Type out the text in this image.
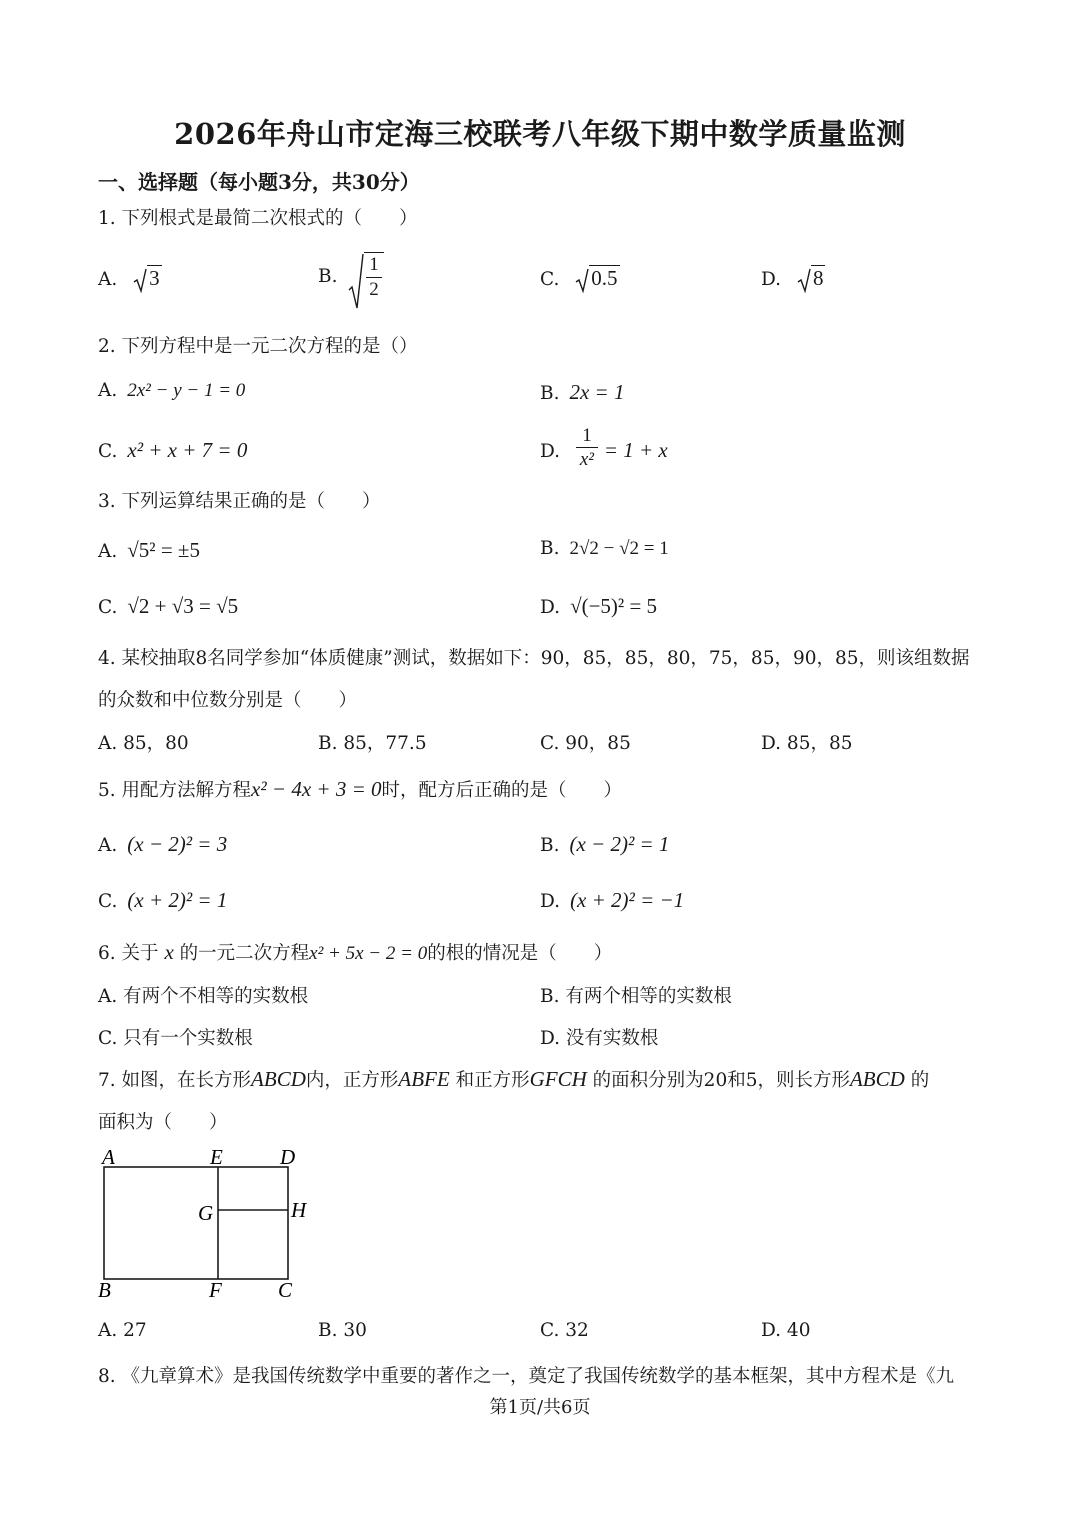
2026年舟山市定海三校联考八年级下期中数学质量监测
一、选择题（每小题3分，共30分）
1. 下列根式是最简二次根式的（　　）
A. 3	B.
1
2	C. 0.5	D. 8
2. 下列方程中是一元二次方程的是（）
A. 2x² − y − 1 = 0	B. 2x = 1
C. x² + x + 7 = 0	D. $\frac{1}{\text{x²}} = 1 + x$
3. 下列运算结果正确的是（　　）
A. √5² = ±5	B. 2√2 − √2 = 1
C. √2 + √3 = √5	D. √(−5)² = 5
4. 某校抽取8名同学参加“体质健康”测试，数据如下：90，85，85，80，75，85，90，85，则该组数据
的众数和中位数分别是（　　）
A. 85，80	B. 85，77.5	C. 90，85	D. 85，85
5. 用配方法解方程x² − 4x + 3 = 0时，配方后正确的是（　　）
A. (x − 2)² = 3	B. (x − 2)² = 1
C. (x + 2)² = 1	D. (x + 2)² = −1
6. 关于 x 的一元二次方程x² + 5x − 2 = 0的根的情况是（　　）
A. 有两个不相等的实数根	B. 有两个相等的实数根
C. 只有一个实数根	D. 没有实数根
7. 如图，在长方形ABCD内，正方形ABFE 和正方形GFCH 的面积分别为20和5，则长方形ABCD 的
面积为（　　）
A	E	D
G	H
B	F	C
A. 27	B. 30	C. 32	D. 40
8. 《九章算术》是我国传统数学中重要的著作之一，奠定了我国传统数学的基本框架，其中方程术是《九
第1页/共6页
